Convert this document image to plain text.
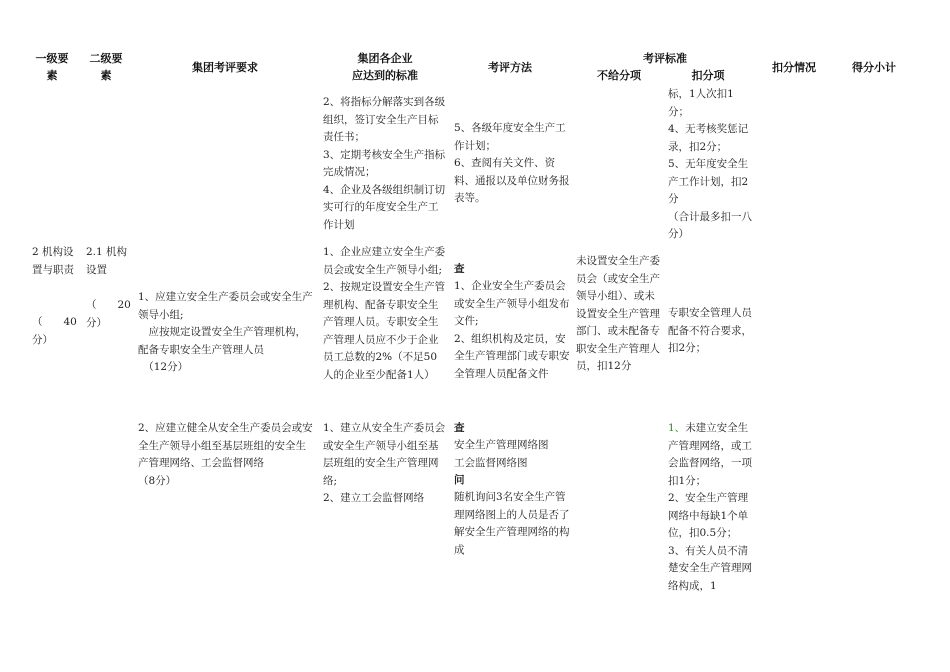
一级要素
二级要素
集团考评要求
集团各企业
应达到的标准
考评方法
考评标准
不给分项	扣分项
扣分情况	得分小计
2、将指标分解落实到各级组织，签订安全生产目标责任书；
3、定期考核安全生产指标完成情况；
4、企业及各级组织制订切实可行的年度安全生产工作计划
5、各级年度安全生产工作计划；
6、查阅有关文件、资料、通报以及单位财务报表等。
标，1人次扣1分；
4、无考核奖惩记录，扣2分；
5、无年度安全生产工作计划，扣2分
（合计最多扣一八分）
2 机构设置与职责
（　　40分）
2.1 机构设置
（　　20分）
1、应建立安全生产委员会或安全生产领导小组;
　应按规定设置安全生产管理机构，配备专职安全生产管理人员
　（12分）
1、企业应建立安全生产委员会或安全生产领导小组;
2、按规定设置安全生产管理机构、配备专职安全生产管理人员。专职安全生产管理人员应不少于企业员工总数的2%（不足50人的企业至少配备1人）
查
1、企业安全生产委员会或安全生产领导小组发布文件;
2、组织机构及定员，安全生产管理部门或专职安全管理人员配备文件
未设置安全生产委员会（或安全生产领导小组）、或未设置安全生产管理部门、或未配备专职安全生产管理人员，扣12分
专职安全管理人员配备不符合要求，扣2分；
2、应建立健全从安全生产委员会或安全生产领导小组至基层班组的安全生产管理网络、工会监督网络
（8分）
1、建立从安全生产委员会或安全生产领导小组至基层班组的安全生产管理网络;
2、建立工会监督网络
查
安全生产管理网络图
工会监督网络图
问
随机询问3名安全生产管理网络图上的人员是否了解安全生产管理网络的构成
1、未建立安全生产管理网络，或工会监督网络，一项扣1分；
2、安全生产管理网络中每缺1个单位，扣0.5分；
3、有关人员不清楚安全生产管理网络构成，1
